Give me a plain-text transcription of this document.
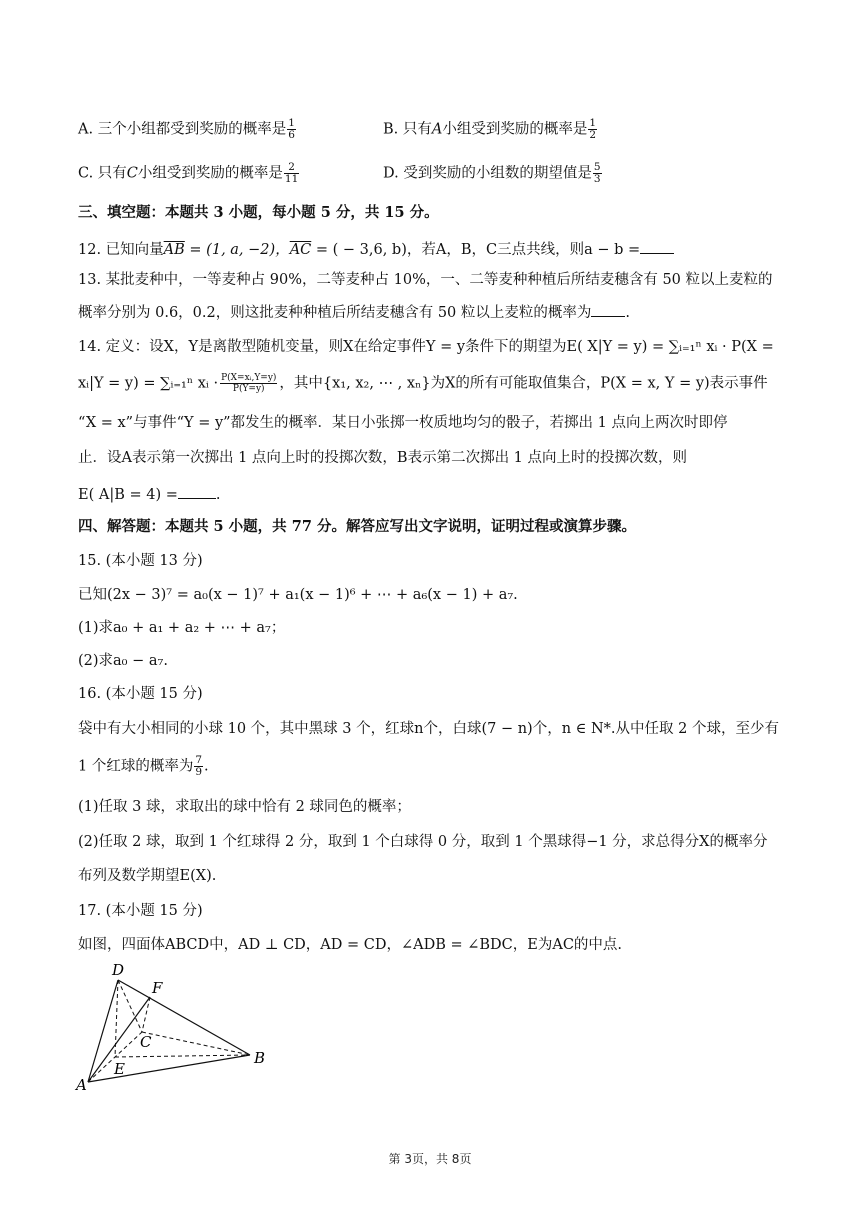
A. 三个小组都受到奖励的概率是 $\frac{1}{6}$	B. 只有A小组受到奖励的概率是 $\frac{1}{2}$
C. 只有C小组受到奖励的概率是 $\frac{2}{11}$	D. 受到奖励的小组数的期望值是 $\frac{5}{3}$
三、填空题：本题共 3 小题，每小题 5 分，共 15 分。
12. 已知向量$\overline{AB} = (1$, a, −2)，$\overline{AC}$ = ( − 3,6, b)，若A，B，C三点共线，则a − b =
13. 某批麦种中，一等麦种占 90%，二等麦种占 10%，一、二等麦种种植后所结麦穗含有 50 粒以上麦粒的
概率分别为 0.6，0.2，则这批麦种种植后所结麦穗含有 50 粒以上麦粒的概率为 .
14. 定义：设X，Y是离散型随机变量，则X在给定事件Y = y条件下的期望为E( X|Y = y) = ∑ᵢ₌₁ⁿ xᵢ · P(X =
xᵢ|Y = y) = ∑ᵢ₌₁ⁿ xᵢ · $\frac{\text{P(X=xᵢ,Y=y)}}{P(Y=y)}$ ，其中{x₁, x₂, ⋯ , xₙ}为X的所有可能取值集合，P(X = x, Y = y)表示事件
“X = x”与事件“Y = y”都发生的概率．某日小张掷一枚质地均匀的骰子，若掷出 1 点向上两次时即停
止．设A表示第一次掷出 1 点向上时的投掷次数，B表示第二次掷出 1 点向上时的投掷次数，则
E( A|B = 4) =	.
四、解答题：本题共 5 小题，共 77 分。解答应写出文字说明，证明过程或演算步骤。
15. (本小题 13 分)
已知(2x − 3)⁷ = a₀(x − 1)⁷ + a₁(x − 1)⁶ + ⋯ + a₆(x − 1) + a₇.
(1)求a₀ + a₁ + a₂ + ⋯ + a₇；
(2)求a₀ − a₇.
16. (本小题 15 分)
袋中有大小相同的小球 10 个，其中黑球 3 个，红球n个，白球(7 − n)个，n ∈ N*.从中任取 2 个球，至少有
1 个红球的概率为 $\frac{7}{9}$ .
(1)任取 3 球，求取出的球中恰有 2 球同色的概率；
(2)任取 2 球，取到 1 个红球得 2 分，取到 1 个白球得 0 分，取到 1 个黑球得−1 分，求总得分X的概率分
布列及数学期望E(X).
17. (本小题 15 分)
如图，四面体ABCD中，AD ⊥ CD，AD = CD，∠ADB = ∠BDC，E为AC的中点.
D
F
C
B
E
A
第 3页，共 8页
